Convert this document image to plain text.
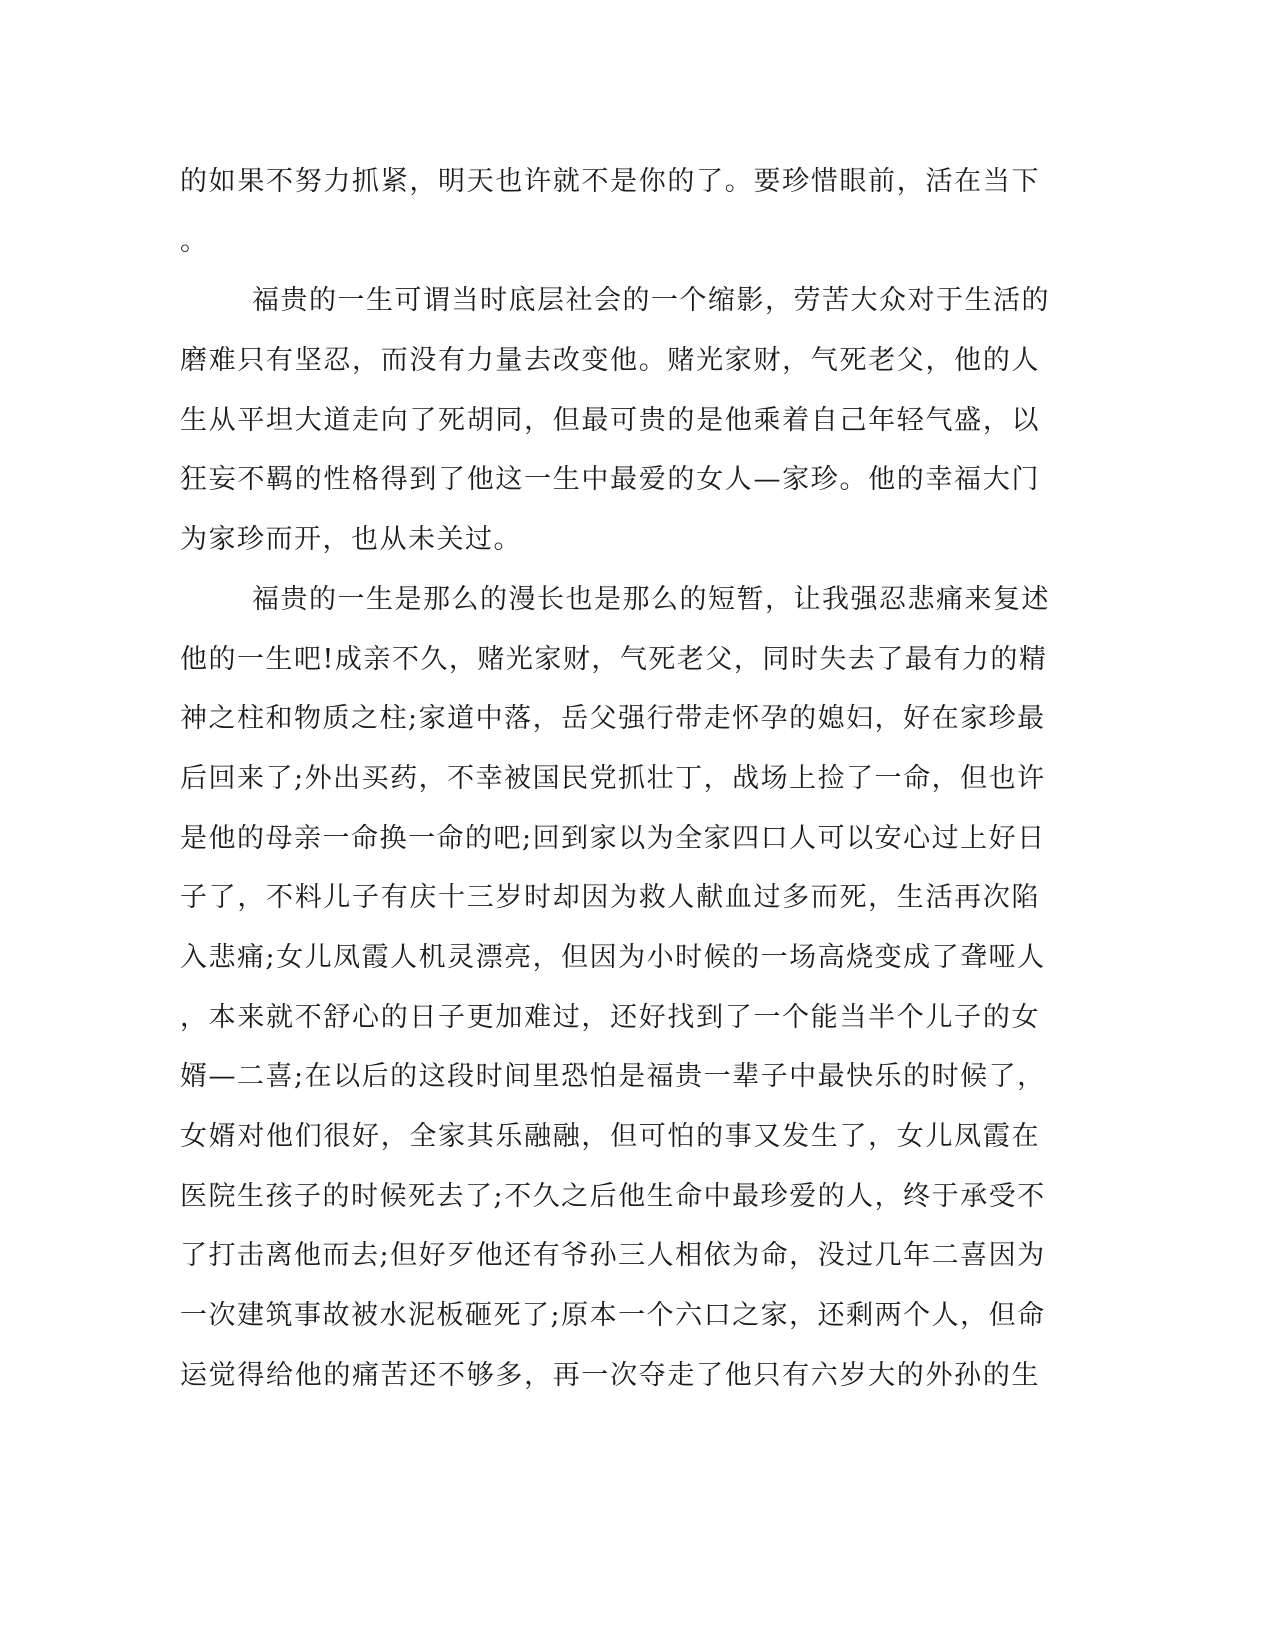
的如果不努力抓紧，明天也许就不是你的了。要珍惜眼前，活在当下
。
福贵的一生可谓当时底层社会的一个缩影，劳苦大众对于生活的
磨难只有坚忍，而没有力量去改变他。赌光家财，气死老父，他的人
生从平坦大道走向了死胡同，但最可贵的是他乘着自己年轻气盛，以
狂妄不羁的性格得到了他这一生中最爱的女人—家珍。他的幸福大门
为家珍而开，也从未关过。
福贵的一生是那么的漫长也是那么的短暂，让我强忍悲痛来复述
他的一生吧!成亲不久，赌光家财，气死老父，同时失去了最有力的精
神之柱和物质之柱;家道中落，岳父强行带走怀孕的媳妇，好在家珍最
后回来了;外出买药，不幸被国民党抓壮丁，战场上捡了一命，但也许
是他的母亲一命换一命的吧;回到家以为全家四口人可以安心过上好日
子了，不料儿子有庆十三岁时却因为救人献血过多而死，生活再次陷
入悲痛;女儿凤霞人机灵漂亮，但因为小时候的一场高烧变成了聋哑人
，本来就不舒心的日子更加难过，还好找到了一个能当半个儿子的女
婿—二喜;在以后的这段时间里恐怕是福贵一辈子中最快乐的时候了，
女婿对他们很好，全家其乐融融，但可怕的事又发生了，女儿凤霞在
医院生孩子的时候死去了;不久之后他生命中最珍爱的人，终于承受不
了打击离他而去;但好歹他还有爷孙三人相依为命，没过几年二喜因为
一次建筑事故被水泥板砸死了;原本一个六口之家，还剩两个人，但命
运觉得给他的痛苦还不够多，再一次夺走了他只有六岁大的外孙的生
